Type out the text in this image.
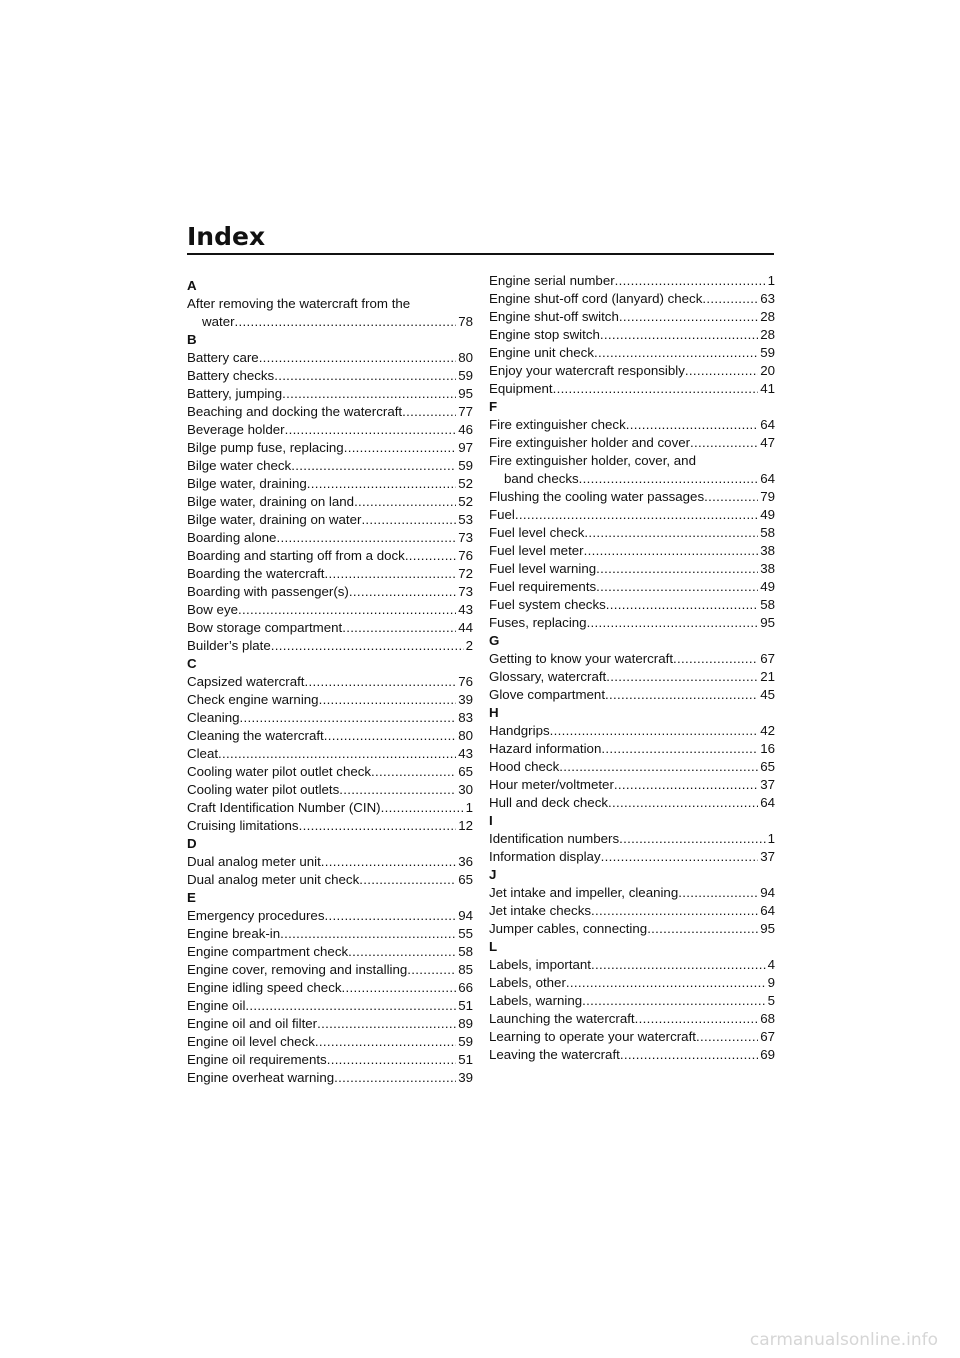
Index
A
After removing the watercraft from the
water .....	78
B
Battery care .....	80
Battery checks .....	59
Battery, jumping .....	95
Beaching and docking the watercraft .....	77
Beverage holder .....	46
Bilge pump fuse, replacing .....	97
Bilge water check .....	59
Bilge water, draining .....	52
Bilge water, draining on land .....	52
Bilge water, draining on water .....	53
Boarding alone .....	73
Boarding and starting off from a dock .....	76
Boarding the watercraft .....	72
Boarding with passenger(s) .....	73
Bow eye .....	43
Bow storage compartment .....	44
Builder’s plate .....	2
C
Capsized watercraft .....	76
Check engine warning .....	39
Cleaning .....	83
Cleaning the watercraft .....	80
Cleat .....	43
Cooling water pilot outlet check .....	65
Cooling water pilot outlets .....	30
Craft Identification Number (CIN) .....	1
Cruising limitations .....	12
D
Dual analog meter unit .....	36
Dual analog meter unit check .....	65
E
Emergency procedures .....	94
Engine break-in .....	55
Engine compartment check .....	58
Engine cover, removing and installing .....	85
Engine idling speed check .....	66
Engine oil .....	51
Engine oil and oil filter .....	89
Engine oil level check .....	59
Engine oil requirements .....	51
Engine overheat warning .....	39
Engine serial number .....	1
Engine shut-off cord (lanyard) check .....	63
Engine shut-off switch .....	28
Engine stop switch .....	28
Engine unit check .....	59
Enjoy your watercraft responsibly .....	20
Equipment .....	41
F
Fire extinguisher check .....	64
Fire extinguisher holder and cover .....	47
Fire extinguisher holder, cover, and
band checks .....	64
Flushing the cooling water passages .....	79
Fuel .....	49
Fuel level check .....	58
Fuel level meter .....	38
Fuel level warning .....	38
Fuel requirements .....	49
Fuel system checks .....	58
Fuses, replacing .....	95
G
Getting to know your watercraft .....	67
Glossary, watercraft .....	21
Glove compartment .....	45
H
Handgrips .....	42
Hazard information .....	16
Hood check .....	65
Hour meter/voltmeter .....	37
Hull and deck check .....	64
I
Identification numbers .....	1
Information display .....	37
J
Jet intake and impeller, cleaning .....	94
Jet intake checks .....	64
Jumper cables, connecting .....	95
L
Labels, important .....	4
Labels, other .....	9
Labels, warning .....	5
Launching the watercraft .....	68
Learning to operate your watercraft .....	67
Leaving the watercraft .....	69
carmanualsonline.info
